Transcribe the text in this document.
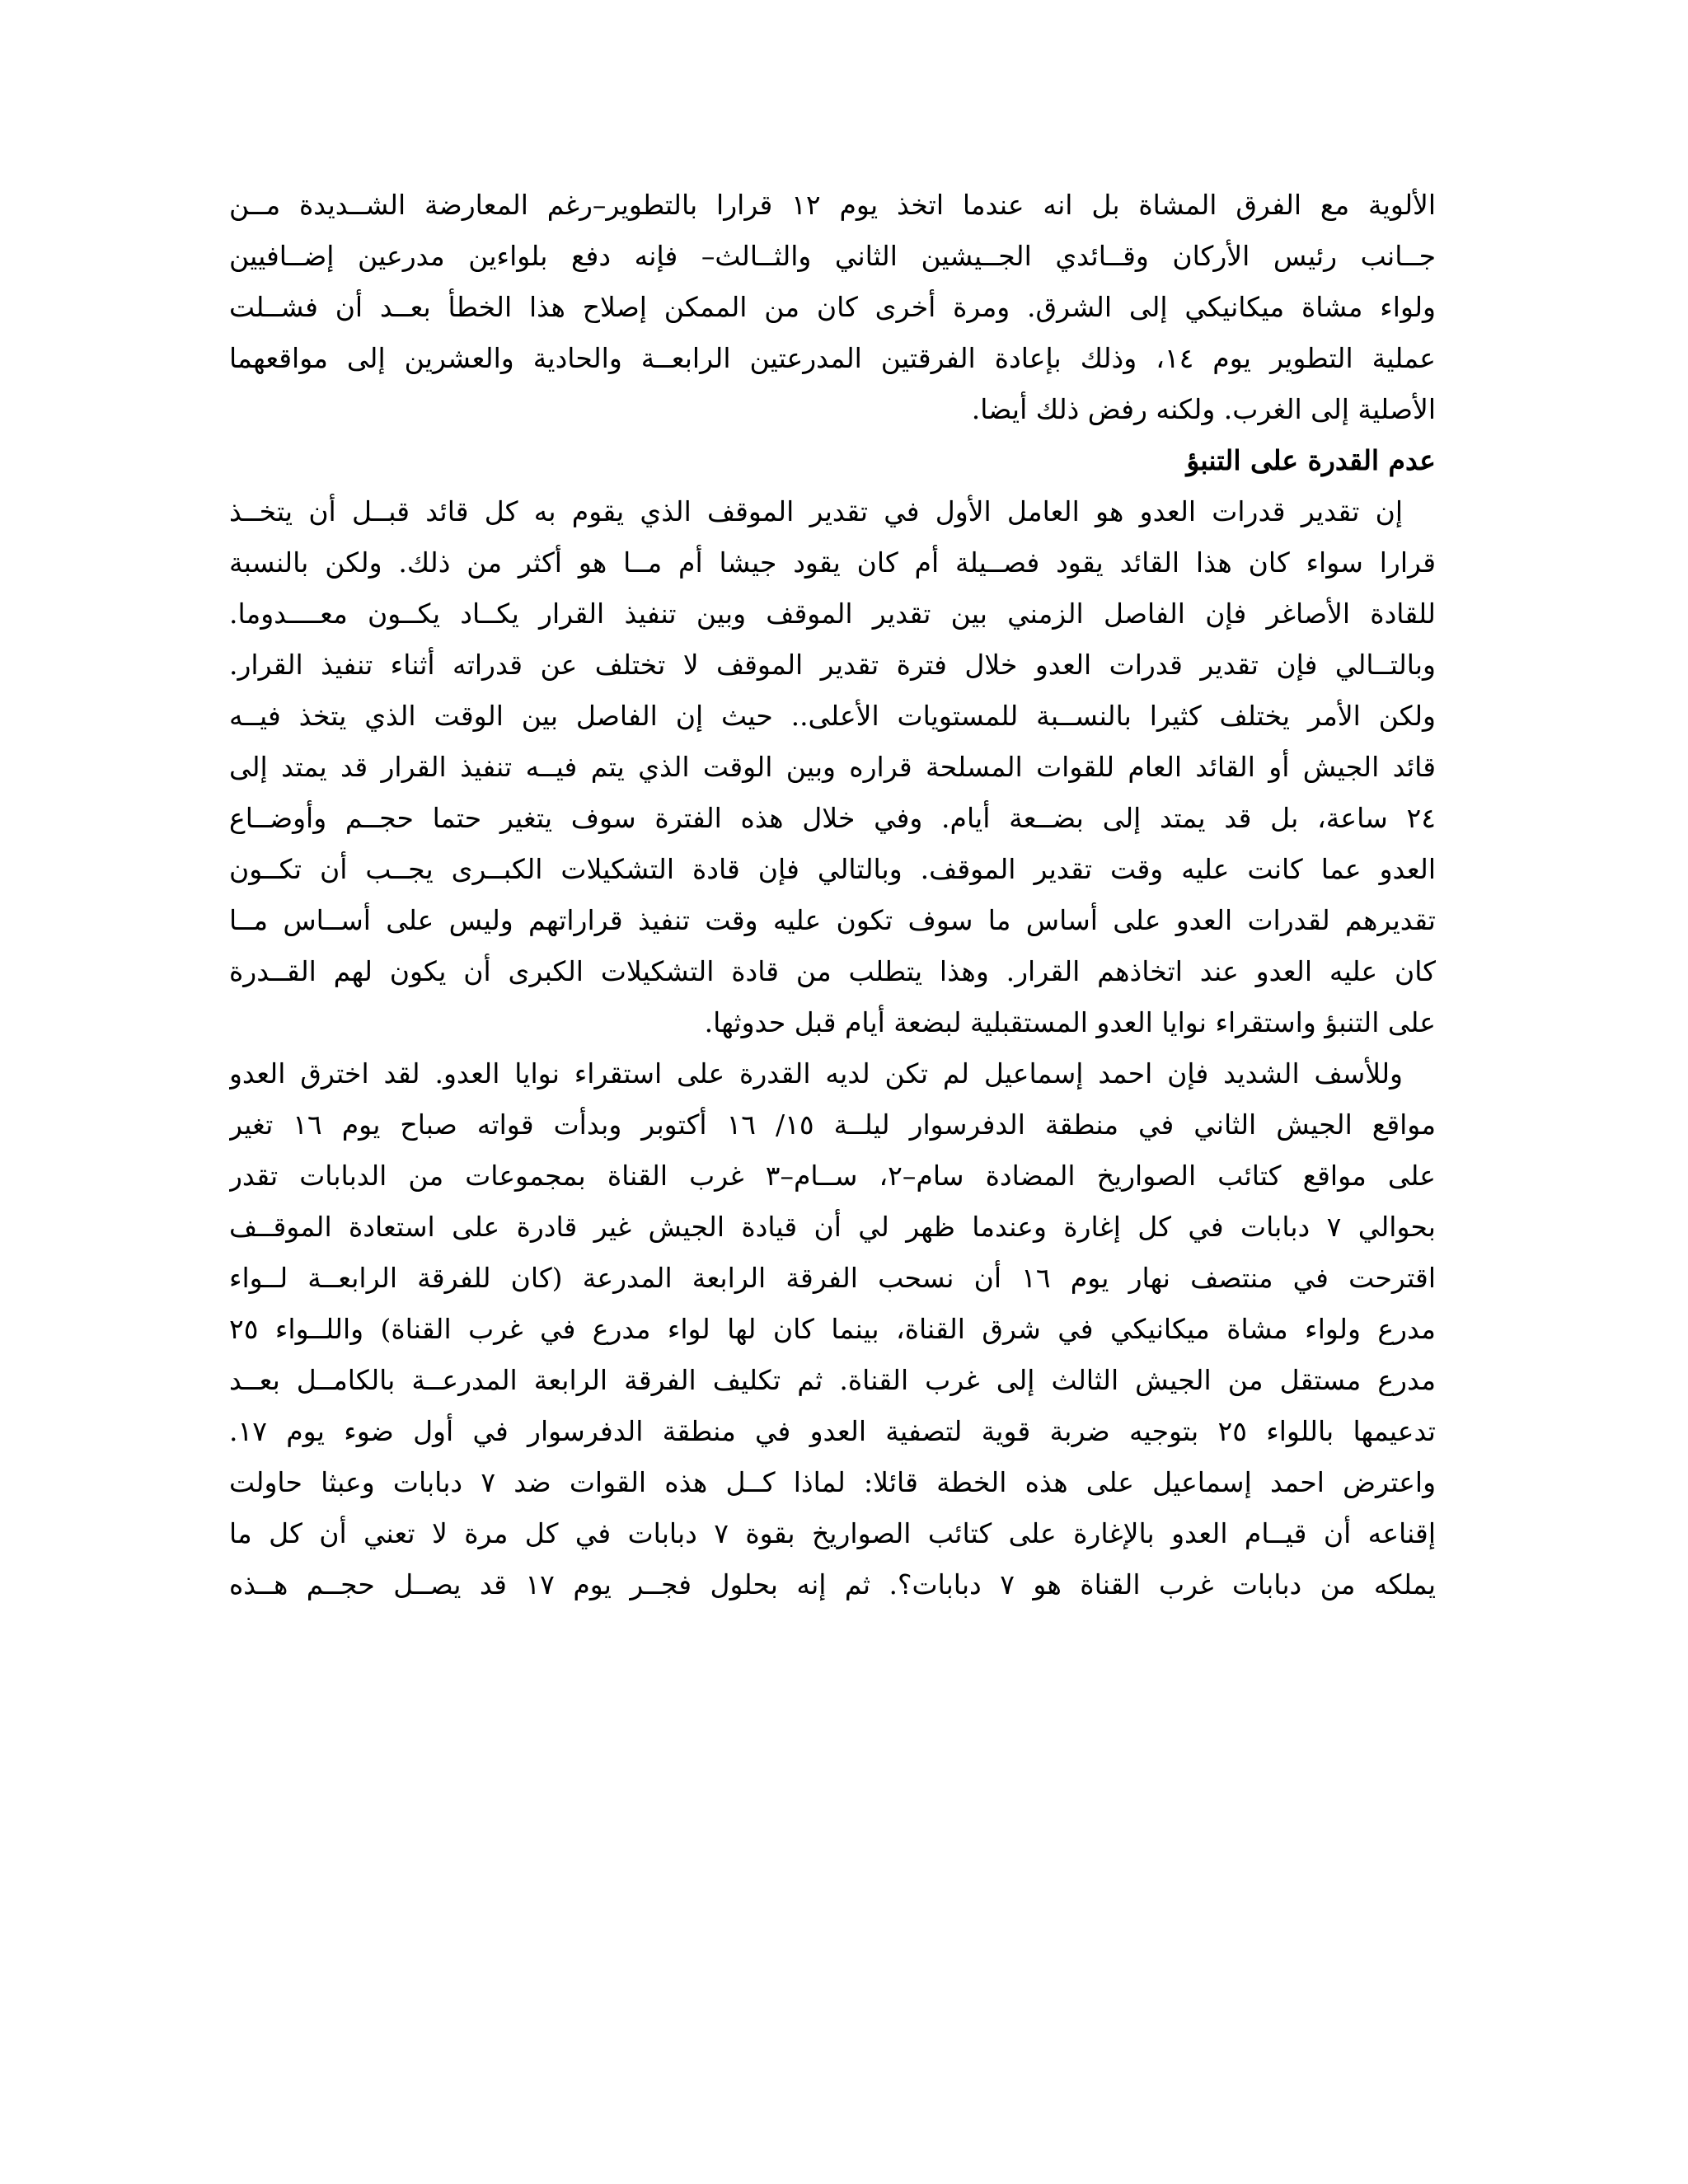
الألوية مع الفرق المشاة بل انه عندما اتخذ يوم ١٢ قرارا بالتطوير–رغم المعارضة الشــديدة مــن
جــانب رئيس الأركان وقــائدي الجــيشين الثاني والثــالث– فإنه دفع بلواءين مدرعين إضــافيين
ولواء مشاة ميكانيكي إلى الشرق. ومرة أخرى كان من الممكن إصلاح هذا الخطأ بعــد أن فشــلت
عملية التطوير يوم ١٤، وذلك بإعادة الفرقتين المدرعتين الرابعــة والحادية والعشرين إلى مواقعهما
الأصلية إلى الغرب. ولكنه رفض ذلك أيضا.
عدم القدرة على التنبؤ
إن تقدير قدرات العدو هو العامل الأول في تقدير الموقف الذي يقوم به كل قائد قبــل أن يتخــذ
قرارا سواء كان هذا القائد يقود فصــيلة أم كان يقود جيشا أم مــا هو أكثر من ذلك. ولكن بالنسبة
للقادة الأصاغر فإن الفاصل الزمني بين تقدير الموقف وبين تنفيذ القرار يكــاد يكــون معــــدوما.
وبالتــالي فإن تقدير قدرات العدو خلال فترة تقدير الموقف لا تختلف عن قدراته أثناء تنفيذ القرار.
ولكن الأمر يختلف كثيرا بالنســبة للمستويات الأعلى.. حيث إن الفاصل بين الوقت الذي يتخذ فيــه
قائد الجيش أو القائد العام للقوات المسلحة قراره وبين الوقت الذي يتم فيــه تنفيذ القرار قد يمتد إلى
٢٤ ساعة، بل قد يمتد إلى بضــعة أيام. وفي خلال هذه الفترة سوف يتغير حتما حجــم وأوضــاع
العدو عما كانت عليه وقت تقدير الموقف. وبالتالي فإن قادة التشكيلات الكبــرى يجــب أن تكــون
تقديرهم لقدرات العدو على أساس ما سوف تكون عليه وقت تنفيذ قراراتهم وليس على أســاس مــا
كان عليه العدو عند اتخاذهم القرار. وهذا يتطلب من قادة التشكيلات الكبرى أن يكون لهم القــدرة
على التنبؤ واستقراء نوايا العدو المستقبلية لبضعة أيام قبل حدوثها.
وللأسف الشديد فإن احمد إسماعيل لم تكن لديه القدرة على استقراء نوايا العدو. لقد اخترق العدو
مواقع الجيش الثاني في منطقة الدفرسوار ليلــة ١٥/ ١٦ أكتوبر وبدأت قواته صباح يوم ١٦ تغير
على مواقع كتائب الصواريخ المضادة سام–٢، ســام–٣ غرب القناة بمجموعات من الدبابات تقدر
بحوالي ٧ دبابات في كل إغارة وعندما ظهر لي أن قيادة الجيش غير قادرة على استعادة الموقــف
اقترحت في منتصف نهار يوم ١٦ أن نسحب الفرقة الرابعة المدرعة (كان للفرقة الرابعــة لــواء
مدرع ولواء مشاة ميكانيكي في شرق القناة، بينما كان لها لواء مدرع في غرب القناة) واللــواء ٢٥
مدرع مستقل من الجيش الثالث إلى غرب القناة. ثم تكليف الفرقة الرابعة المدرعــة بالكامــل بعــد
تدعيمها باللواء ٢٥ بتوجيه ضربة قوية لتصفية العدو في منطقة الدفرسوار في أول ضوء يوم ١٧.
واعترض احمد إسماعيل على هذه الخطة قائلا: لماذا كــل هذه القوات ضد ٧ دبابات وعبثا حاولت
إقناعه أن قيــام العدو بالإغارة على كتائب الصواريخ بقوة ٧ دبابات في كل مرة لا تعني أن كل ما
يملكه من دبابات غرب القناة هو ٧ دبابات؟. ثم إنه بحلول فجــر يوم ١٧ قد يصــل حجــم هــذه
